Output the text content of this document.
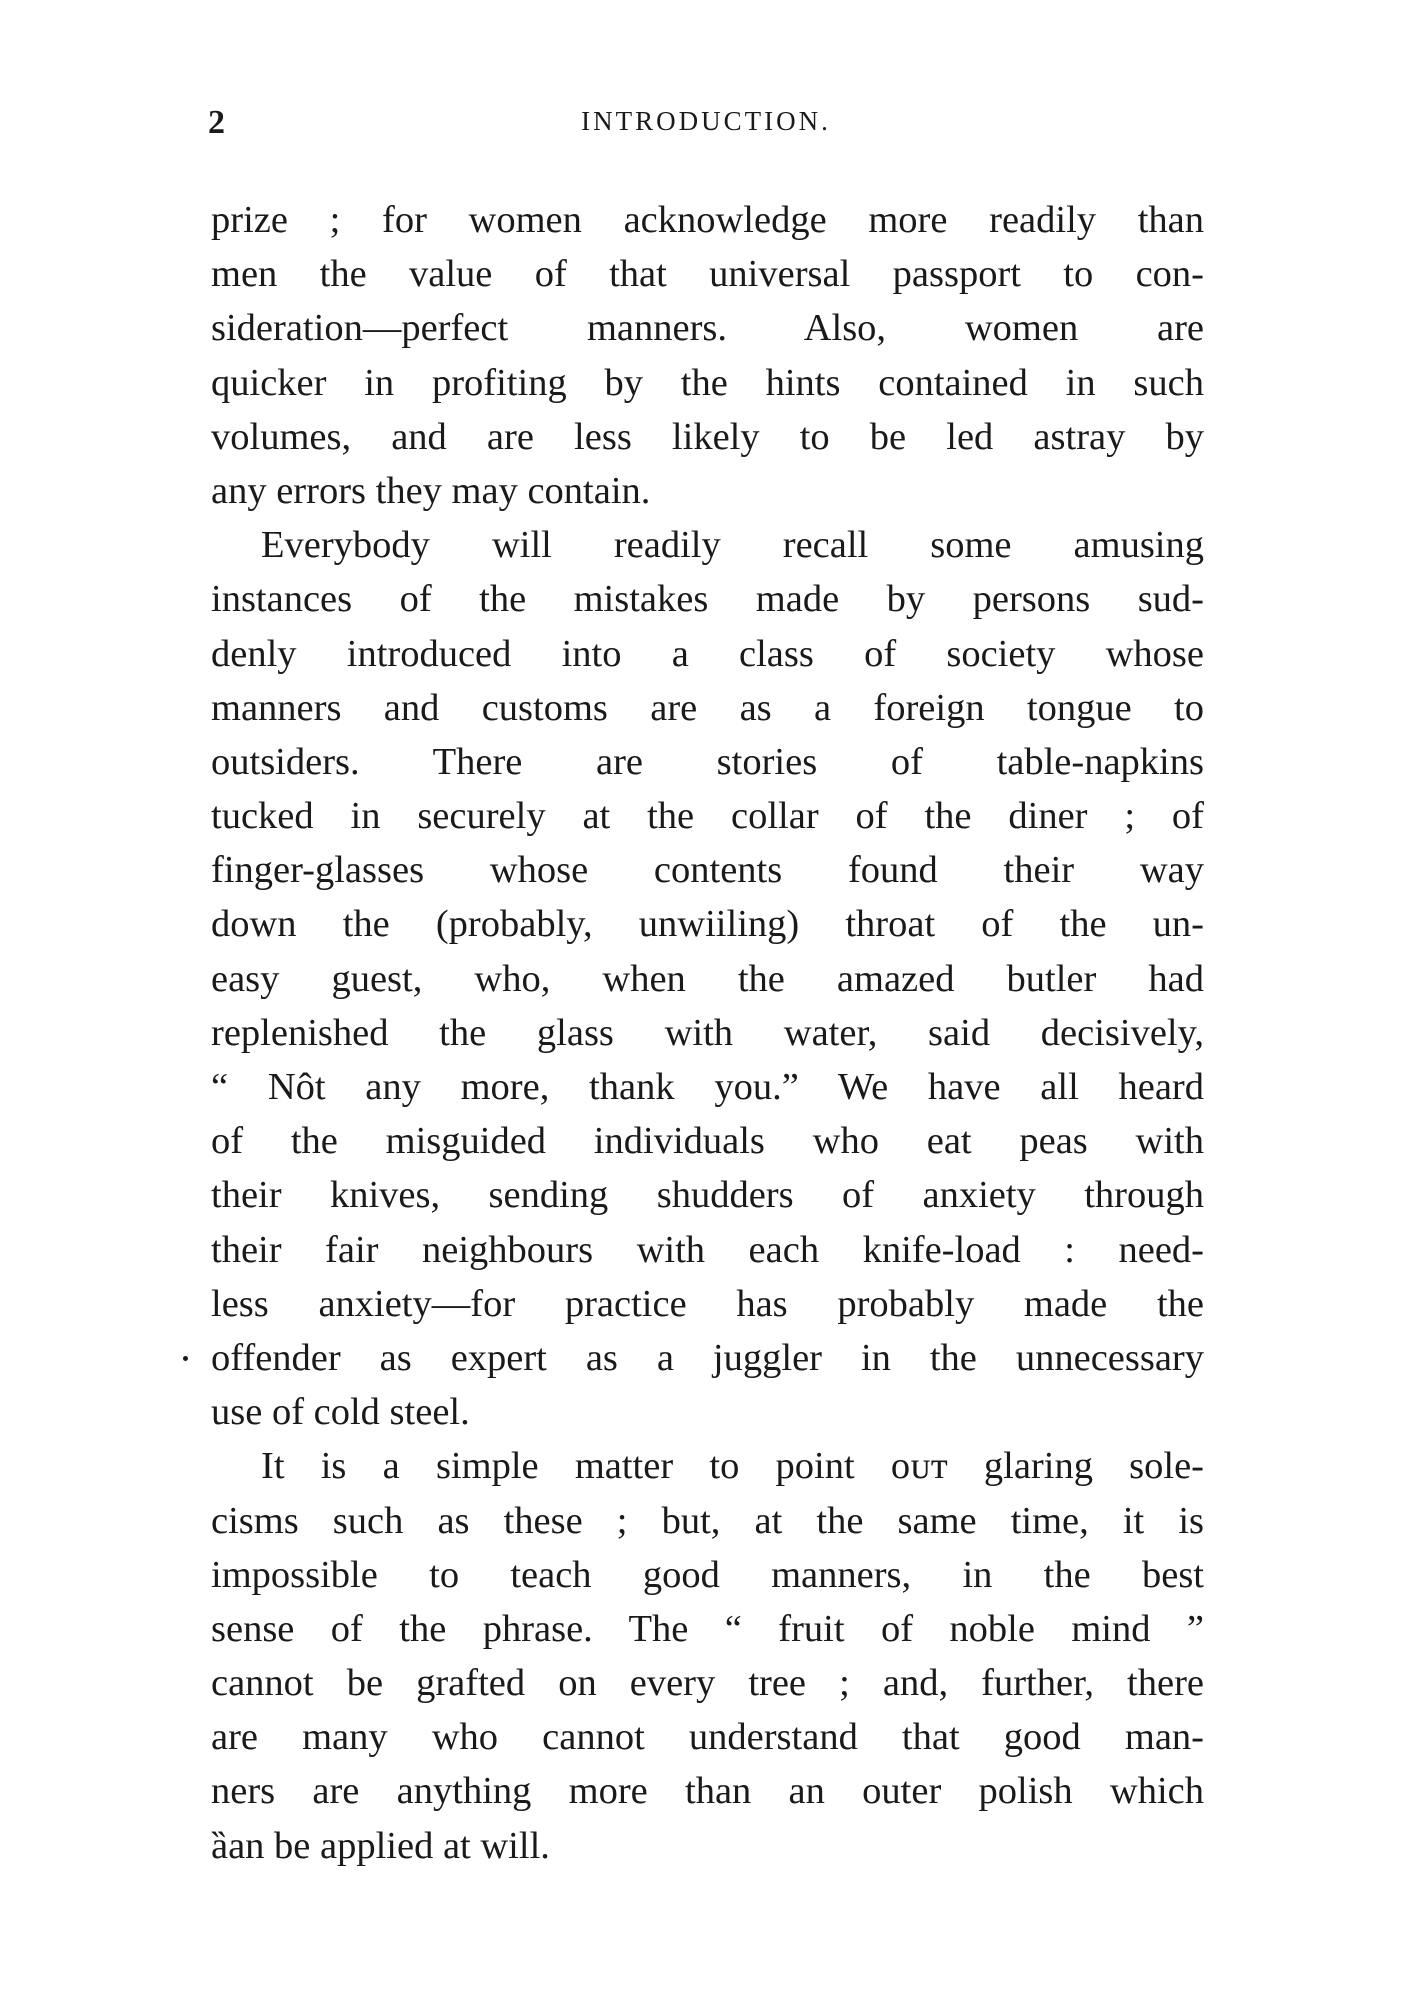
2	INTRODUCTION.
prize ; for women acknowledge more readily than
men the value of that universal passport to con-
sideration—perfect manners. Also, women are
quicker in profiting by the hints contained in such
volumes, and are less likely to be led astray by
any errors they may contain.
Everybody will readily recall some amusing
instances of the mistakes made by persons sud-
denly introduced into a class of society whose
manners and customs are as a foreign tongue to
outsiders. There are stories of table-napkins
tucked in securely at the collar of the diner ; of
finger-glasses whose contents found their way
down the (probably, unwiiling) throat of the un-
easy guest, who, when the amazed butler had
replenished the glass with water, said decisively,
“ Nôt any more, thank you.” We have all heard
of the misguided individuals who eat peas with
their knives, sending shudders of anxiety through
their fair neighbours with each knife-load : need-
less anxiety—for practice has probably made the
offender as expert as a juggler in the unnecessary
use of cold steel.
It is a simple matter to point oᴜт glaring sole-
cisms such as these ; but, at the same time, it is
impossible to teach good manners, in the best
sense of the phrase. The “ fruit of noble mind ”
cannot be grafted on every tree ; and, further, there
are many who cannot understand that good man-
ners are anything more than an outer polish which
ȁan be applied at will.
